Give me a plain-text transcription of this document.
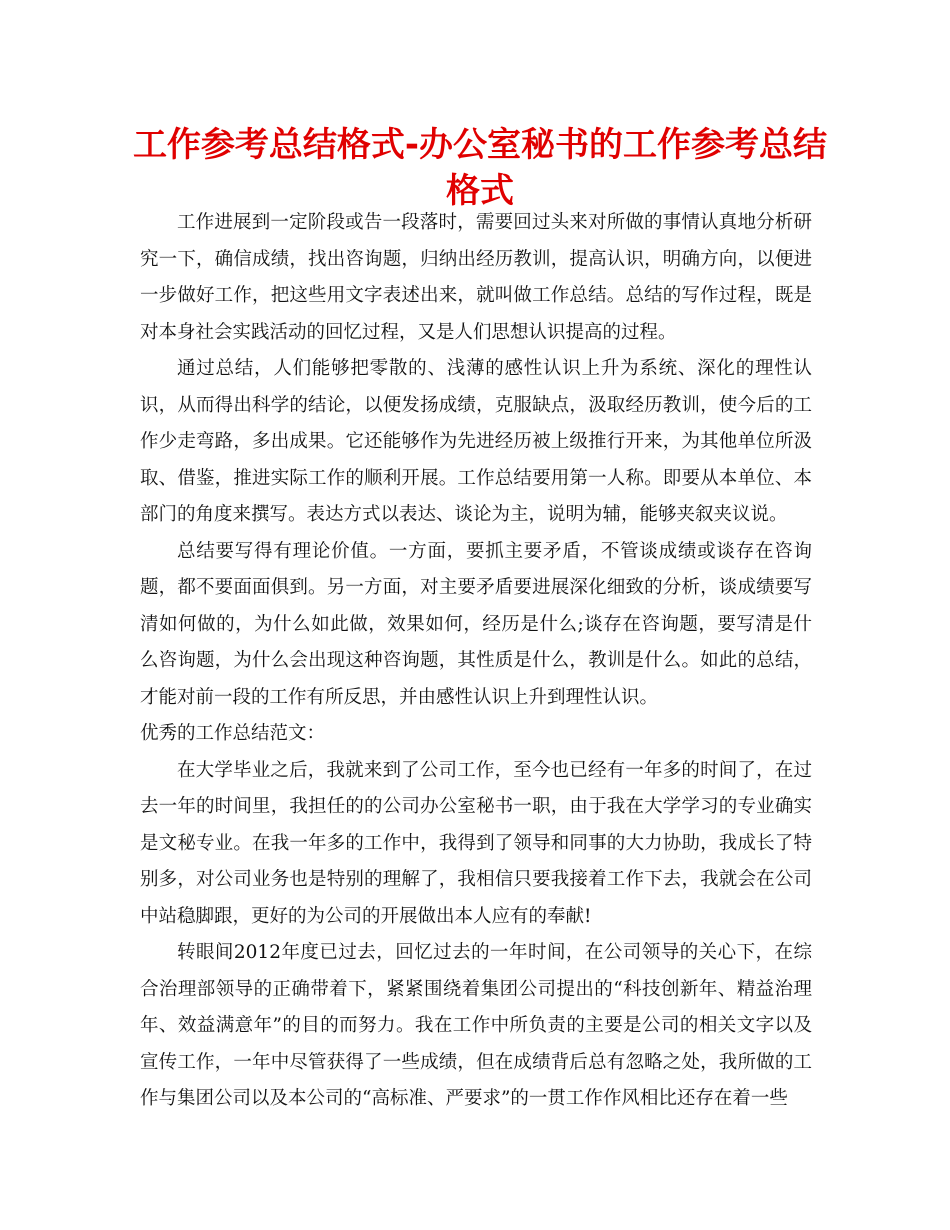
工作参考总结格式-办公室秘书的工作参考总结格式

工作进展到一定阶段或告一段落时，需要回过头来对所做的事情认真地分析研究一下，确信成绩，找出咨询题，归纳出经历教训，提高认识，明确方向，以便进一步做好工作，把这些用文字表述出来，就叫做工作总结。总结的写作过程，既是对本身社会实践活动的回忆过程，又是人们思想认识提高的过程。

通过总结，人们能够把零散的、浅薄的感性认识上升为系统、深化的理性认识，从而得出科学的结论，以便发扬成绩，克服缺点，汲取经历教训，使今后的工作少走弯路，多出成果。它还能够作为先进经历被上级推行开来，为其他单位所汲取、借鉴，推进实际工作的顺利开展。工作总结要用第一人称。即要从本单位、本部门的角度来撰写。表达方式以表达、谈论为主，说明为辅，能够夹叙夹议说。

总结要写得有理论价值。一方面，要抓主要矛盾，不管谈成绩或谈存在咨询题，都不要面面俱到。另一方面，对主要矛盾要进展深化细致的分析，谈成绩要写清如何做的，为什么如此做，效果如何，经历是什么;谈存在咨询题，要写清是什么咨询题，为什么会出现这种咨询题，其性质是什么，教训是什么。如此的总结，才能对前一段的工作有所反思，并由感性认识上升到理性认识。

优秀的工作总结范文：

在大学毕业之后，我就来到了公司工作，至今也已经有一年多的时间了，在过去一年的时间里，我担任的的公司办公室秘书一职，由于我在大学学习的专业确实是文秘专业。在我一年多的工作中，我得到了领导和同事的大力协助，我成长了特别多，对公司业务也是特别的理解了，我相信只要我接着工作下去，我就会在公司中站稳脚跟，更好的为公司的开展做出本人应有的奉献!

转眼间2012年度已过去，回忆过去的一年时间，在公司领导的关心下，在综合治理部领导的正确带着下，紧紧围绕着集团公司提出的“科技创新年、精益治理年、效益满意年”的目的而努力。我在工作中所负责的主要是公司的相关文字以及宣传工作，一年中尽管获得了一些成绩，但在成绩背后总有忽略之处，我所做的工作与集团公司以及本公司的“高标准、严要求”的一贯工作作风相比还存在着一些
